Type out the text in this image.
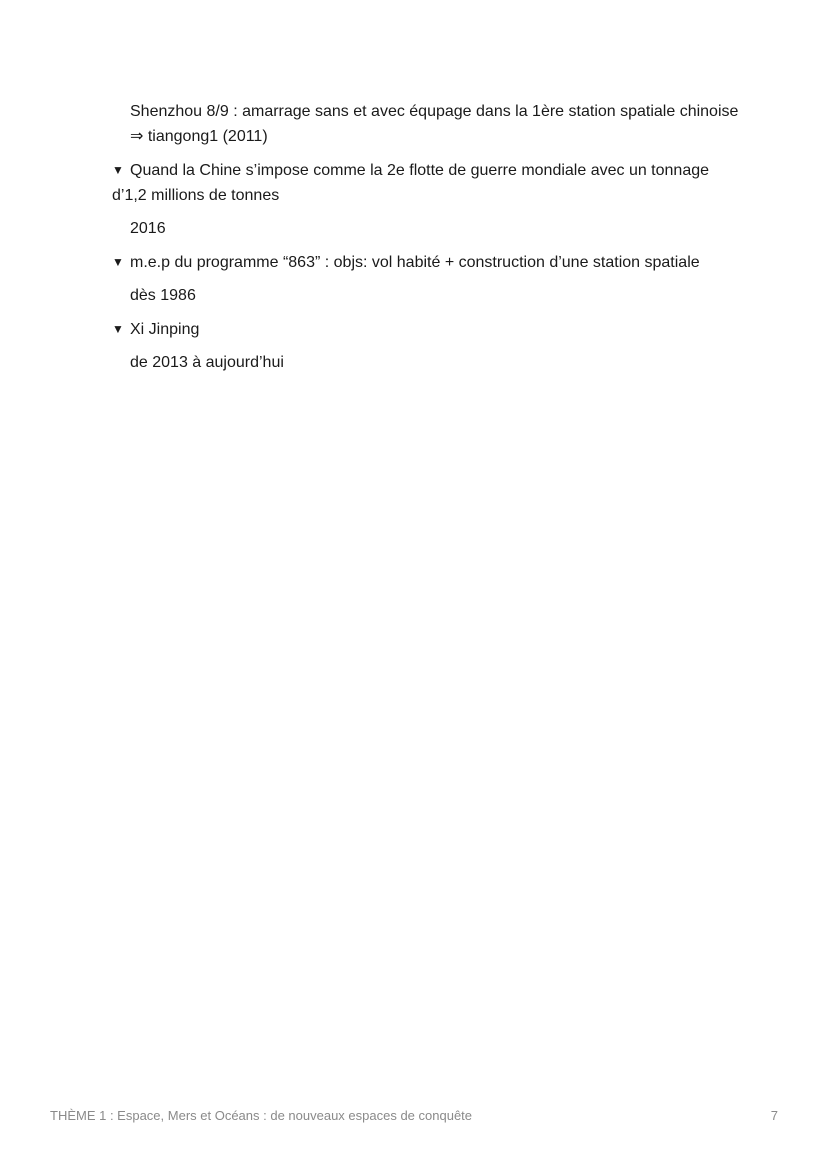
Shenzhou 8/9 : amarrage sans et avec équpage dans la 1ère station spatiale chinoise ⇒ tiangong1 (2011)
▼ Quand la Chine s’impose comme la 2e flotte de guerre mondiale avec un tonnage d’1,2 millions de tonnes
2016
▼ m.e.p du programme “863” : objs: vol habité + construction d’une station spatiale
dès 1986
▼ Xi Jinping
de 2013 à aujourd’hui
THÈME 1 : Espace, Mers et Océans : de nouveaux espaces de conquête	7
